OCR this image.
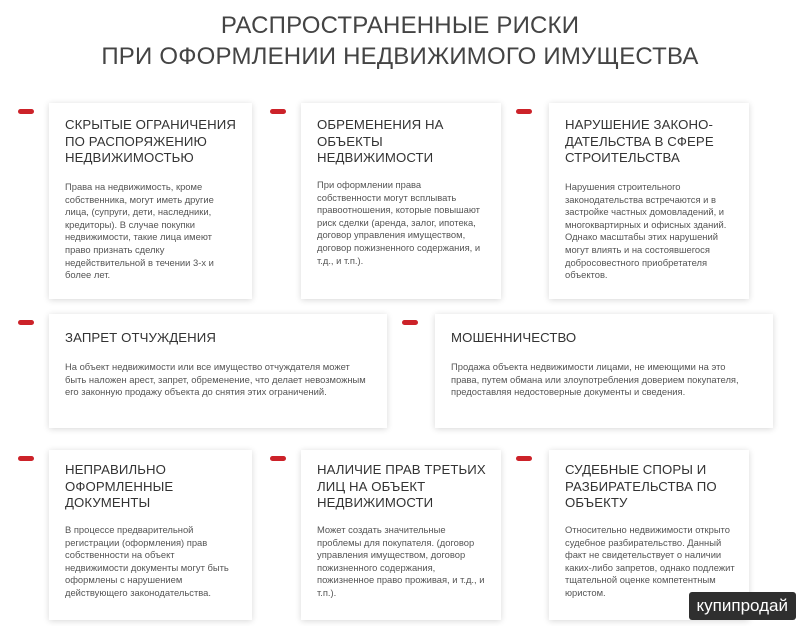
РАСПРОСТРАНЕННЫЕ РИСКИ
ПРИ ОФОРМЛЕНИИ НЕДВИЖИМОГО ИМУЩЕСТВА
СКРЫТЫЕ ОГРАНИЧЕНИЯ ПО РАСПОРЯЖЕНИЮ НЕДВИЖИМОСТЬЮ
Права на недвижимость, кроме собственника, могут иметь другие лица, (супруги, дети, наследники, кредиторы). В случае покупки недвижимости, такие лица имеют право признать сделку недействительной в течении 3-х и более лет.
ОБРЕМЕНЕНИЯ НА ОБЪЕКТЫ НЕДВИЖИМОСТИ
При оформлении права собственности могут всплывать правоотношения, которые повышают риск сделки (аренда, залог, ипотека, договор управления имуществом, договор пожизненного содержания, и т.д., и т.п.).
НАРУШЕНИЕ ЗАКОНО-ДАТЕЛЬСТВА В СФЕРЕ СТРОИТЕЛЬСТВА
Нарушения строительного законодательства встречаются и в застройке частных домовладений, и многоквартирных и офисных зданий. Однако масштабы этих нарушений могут влиять и на состоявшегося добросовестного приобретателя объектов.
ЗАПРЕТ ОТЧУЖДЕНИЯ
На объект недвижимости или все имущество отчуждателя может быть наложен арест, запрет, обременение, что делает невозможным его законную продажу объекта до снятия этих ограничений.
МОШЕННИЧЕСТВО
Продажа объекта недвижимости лицами, не имеющими на это права, путем обмана или злоупотребления доверием покупателя, предоставляя недостоверные документы и сведения.
НЕПРАВИЛЬНО ОФОРМЛЕННЫЕ ДОКУМЕНТЫ
В процессе предварительной регистрации (оформления) прав собственности на объект недвижимости документы могут быть оформлены с нарушением действующего законодательства.
НАЛИЧИЕ ПРАВ ТРЕТЬИХ ЛИЦ НА ОБЪЕКТ НЕДВИЖИМОСТИ
Может создать значительные проблемы для покупателя. (договор управления имуществом, договор пожизненного содержания, пожизненное право проживая, и т.д., и т.п.).
СУДЕБНЫЕ СПОРЫ И РАЗБИРАТЕЛЬСТВА ПО ОБЪЕКТУ
Относительно недвижимости открыто судебное разбирательство. Данный факт не свидетельствует о наличии каких-либо запретов, однако подлежит тщательной оценке компетентным юристом.
купипродай
